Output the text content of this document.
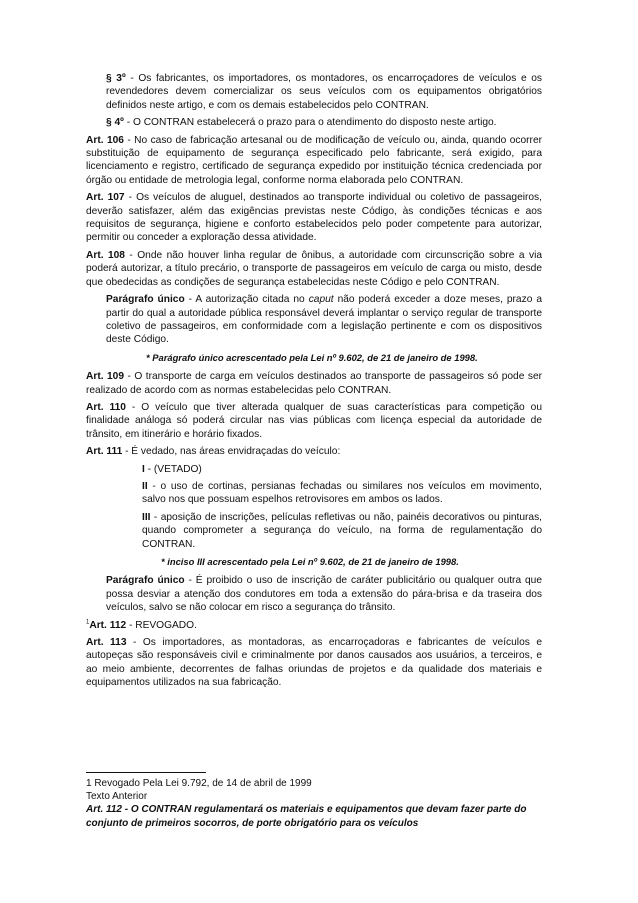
§ 3º - Os fabricantes, os importadores, os montadores, os encarroçadores de veículos e os revendedores devem comercializar os seus veículos com os equipamentos obrigatórios definidos neste artigo, e com os demais estabelecidos pelo CONTRAN.

§ 4º - O CONTRAN estabelecerá o prazo para o atendimento do disposto neste artigo.

Art. 106 - No caso de fabricação artesanal ou de modificação de veículo ou, ainda, quando ocorrer substituição de equipamento de segurança especificado pelo fabricante, será exigido, para licenciamento e registro, certificado de segurança expedido por instituição técnica credenciada por órgão ou entidade de metrologia legal, conforme norma elaborada pelo CONTRAN.

Art. 107 - Os veículos de aluguel, destinados ao transporte individual ou coletivo de passageiros, deverão satisfazer, além das exigências previstas neste Código, às condições técnicas e aos requisitos de segurança, higiene e conforto estabelecidos pelo poder competente para autorizar, permitir ou conceder a exploração dessa atividade.

Art. 108 - Onde não houver linha regular de ônibus, a autoridade com circunscrição sobre a via poderá autorizar, a título precário, o transporte de passageiros em veículo de carga ou misto, desde que obedecidas as condições de segurança estabelecidas neste Código e pelo CONTRAN.

Parágrafo único - A autorização citada no caput não poderá exceder a doze meses, prazo a partir do qual a autoridade pública responsável deverá implantar o serviço regular de transporte coletivo de passageiros, em conformidade com a legislação pertinente e com os dispositivos deste Código.

* Parágrafo único acrescentado pela Lei nº 9.602, de 21 de janeiro de 1998.

Art. 109 - O transporte de carga em veículos destinados ao transporte de passageiros só pode ser realizado de acordo com as normas estabelecidas pelo CONTRAN.

Art. 110 - O veículo que tiver alterada qualquer de suas características para competição ou finalidade análoga só poderá circular nas vias públicas com licença especial da autoridade de trânsito, em itinerário e horário fixados.

Art. 111 - É vedado, nas áreas envidraçadas do veículo:

I - (VETADO)

II - o uso de cortinas, persianas fechadas ou similares nos veículos em movimento, salvo nos que possuam espelhos retrovisores em ambos os lados.

III - aposição de inscrições, películas refletivas ou não, painéis decorativos ou pinturas, quando comprometer a segurança do veículo, na forma de regulamentação do CONTRAN.

* inciso III acrescentado pela Lei nº 9.602, de 21 de janeiro de 1998.

Parágrafo único - É proibido o uso de inscrição de caráter publicitário ou qualquer outra que possa desviar a atenção dos condutores em toda a extensão do pára-brisa e da traseira dos veículos, salvo se não colocar em risco a segurança do trânsito.

$^1$Art. 112 - REVOGADO.

Art. 113 - Os importadores, as montadoras, as encarroçadoras e fabricantes de veículos e autopeças são responsáveis civil e criminalmente por danos causados aos usuários, a terceiros, e ao meio ambiente, decorrentes de falhas oriundas de projetos e da qualidade dos materiais e equipamentos utilizados na sua fabricação.

1 Revogado Pela Lei 9.792, de 14 de abril de 1999

Texto Anterior

Art. 112 - O CONTRAN regulamentará os materiais e equipamentos que devam fazer parte do conjunto de primeiros socorros, de porte obrigatório para os veículos
